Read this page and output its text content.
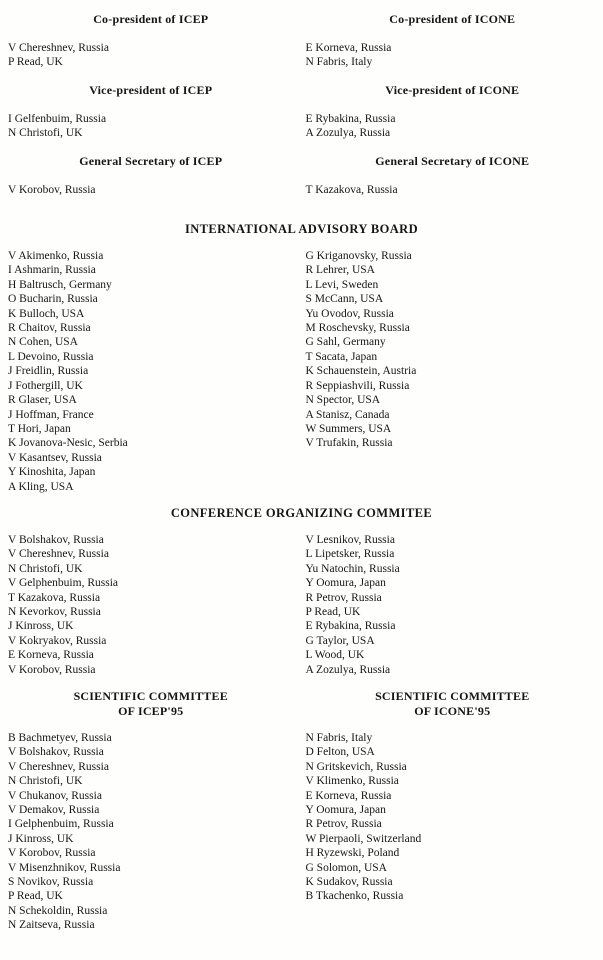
Co-president of ICEP
V Chereshnev, Russia
P Read, UK
Vice-president of ICEP
I Gelfenbuim, Russia
N Christofi, UK
General Secretary of ICEP
V Korobov, Russia
Co-president of ICONE
E Korneva, Russia
N Fabris, Italy
Vice-president of ICONE
E Rybakina, Russia
A Zozulya, Russia
General Secretary of ICONE
T Kazakova, Russia
INTERNATIONAL ADVISORY BOARD
V Akimenko, Russia
I Ashmarin, Russia
H Baltrusch, Germany
O Bucharin, Russia
K Bulloch, USA
R Chaitov, Russia
N Cohen, USA
L Devoino, Russia
J Freidlin, Russia
J Fothergill, UK
R Glaser, USA
J Hoffman, France
T Hori, Japan
K Jovanova-Nesic, Serbia
V Kasantsev, Russia
Y Kinoshita, Japan
A Kling, USA
G Kriganovsky, Russia
R Lehrer, USA
L Levi, Sweden
S McCann, USA
Yu Ovodov, Russia
M Roschevsky, Russia
G Sahl, Germany
T Sacata, Japan
K Schauenstein, Austria
R Seppiashvili, Russia
N Spector, USA
A Stanisz, Canada
W Summers, USA
V Trufakin, Russia
CONFERENCE ORGANIZING COMMITEE
V Bolshakov, Russia
V Chereshnev, Russia
N Christofi, UK
V Gelphenbuim, Russia
T Kazakova, Russia
N Kevorkov, Russia
J Kinross, UK
V Kokryakov, Russia
E Korneva, Russia
V Korobov, Russia
V Lesnikov, Russia
L Lipetsker, Russia
Yu Natochin, Russia
Y Oomura, Japan
R Petrov, Russia
P Read, UK
E Rybakina, Russia
G Taylor, USA
L Wood, UK
A Zozulya, Russia
SCIENTIFIC COMMITTEE
OF ICEP'95
SCIENTIFIC COMMITTEE
OF ICONE'95
B Bachmetyev, Russia
V Bolshakov, Russia
V Chereshnev, Russia
N Christofi, UK
V Chukanov, Russia
V Demakov, Russia
I Gelphenbuim, Russia
J Kinross, UK
V Korobov, Russia
V Misenzhnikov, Russia
S Novikov, Russia
P Read, UK
N Schekoldin, Russia
N Zaitseva, Russia
N Fabris, Italy
D Felton, USA
N Gritskevich, Russia
V Klimenko, Russia
E Korneva, Russia
Y Oomura, Japan
R Petrov, Russia
W Pierpaoli, Switzerland
H Ryzewski, Poland
G Solomon, USA
K Sudakov, Russia
B Tkachenko, Russia
